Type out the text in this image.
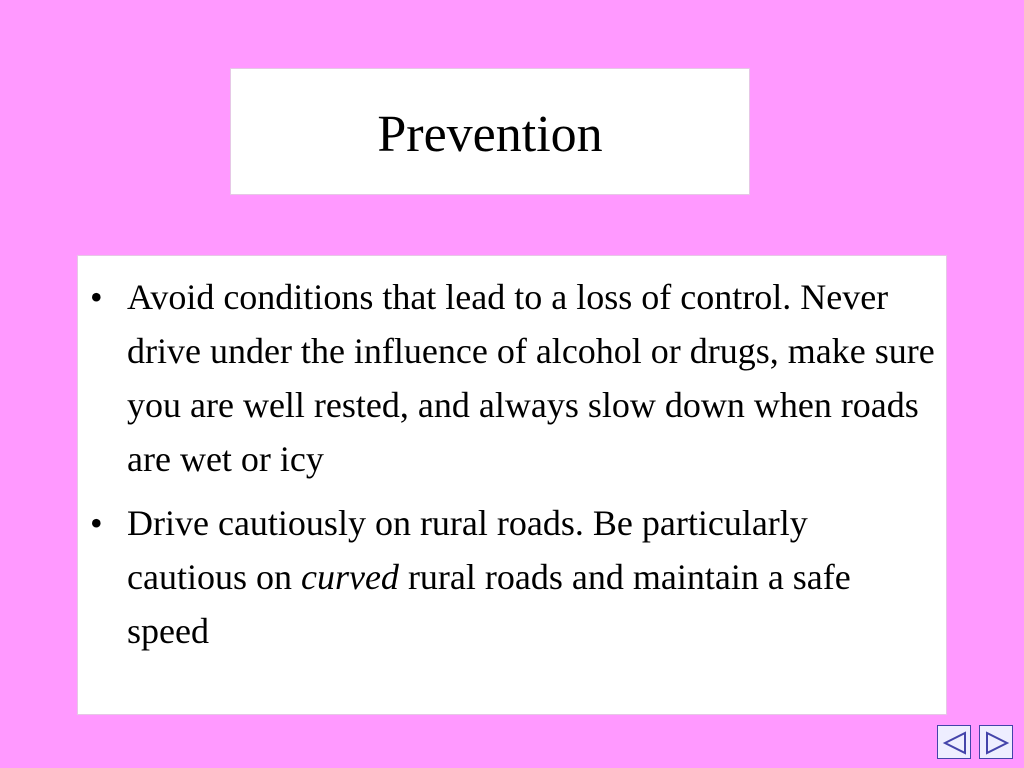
Prevention
• Avoid conditions that lead to a loss of control. Never drive under the influence of alcohol or drugs, make sure you are well rested, and always slow down when roads are wet or icy
• Drive cautiously on rural roads. Be particularly cautious on curved rural roads and maintain a safe speed
